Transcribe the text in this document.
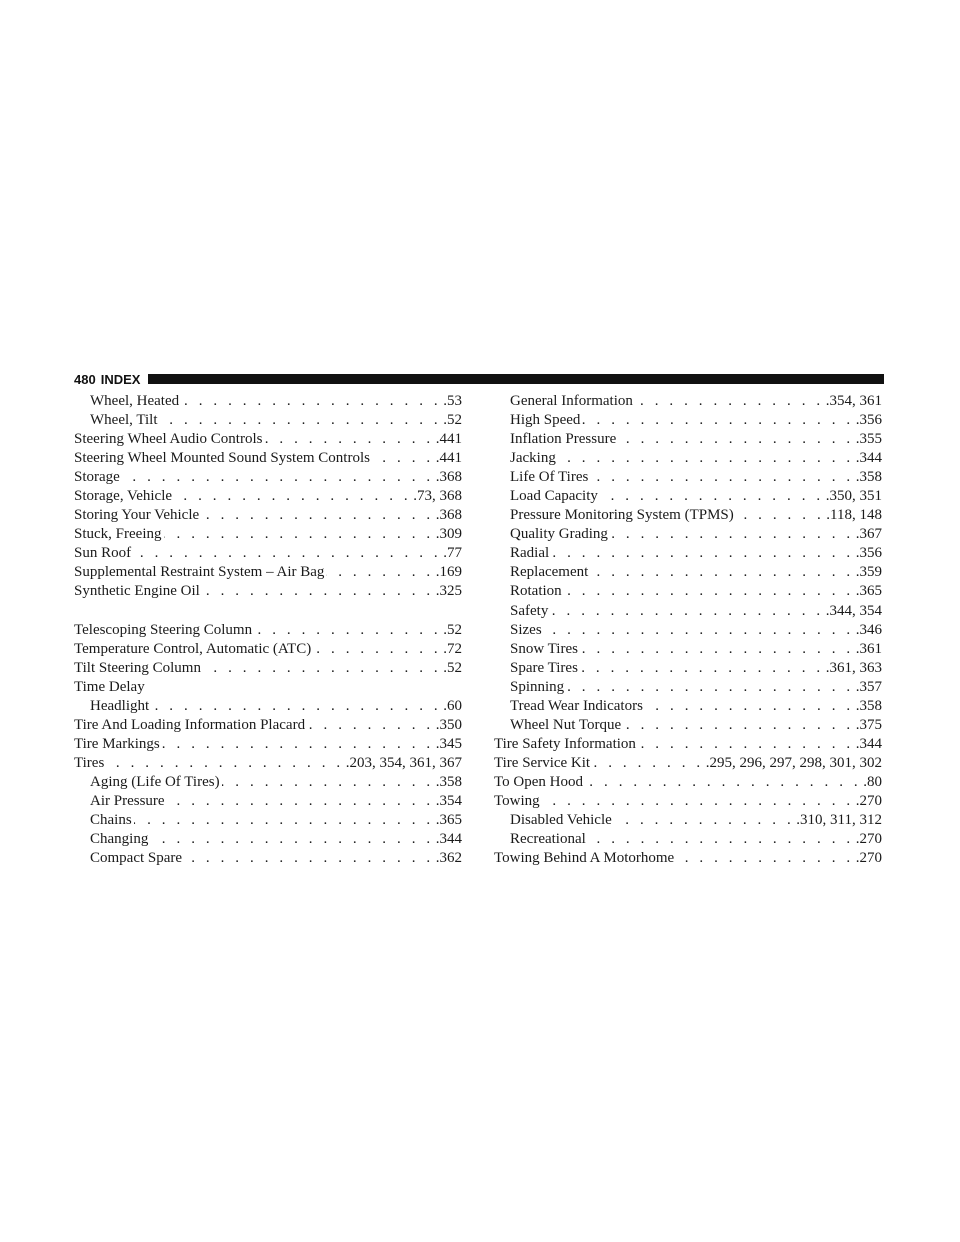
480 INDEX
Wheel, Heated . . .	.53
Wheel, Tilt . . .	.52
Steering Wheel Audio Controls . . .	.441
Steering Wheel Mounted Sound System Controls . . .	.441
Storage . . .	.368
Storage, Vehicle . . .	.73, 368
Storing Your Vehicle . . .	.368
Stuck, Freeing . . .	.309
Sun Roof . . .	.77
Supplemental Restraint System – Air Bag . . .	.169
Synthetic Engine Oil . . .	.325
Telescoping Steering Column . . .	.52
Temperature Control, Automatic (ATC) . . .	.72
Tilt Steering Column . . .	.52
Time Delay
Headlight . . .	.60
Tire And Loading Information Placard . . .	.350
Tire Markings . . .	.345
Tires . . .	.203, 354, 361, 367
Aging (Life Of Tires) . . .	.358
Air Pressure . . .	.354
Chains . . .	.365
Changing . . .	.344
Compact Spare . . .	.362
General Information . . .	.354, 361
High Speed . . .	.356
Inflation Pressure . . .	.355
Jacking . . .	.344
Life Of Tires . . .	.358
Load Capacity . . .	.350, 351
Pressure Monitoring System (TPMS) . . .	.118, 148
Quality Grading . . .	.367
Radial . . .	.356
Replacement . . .	.359
Rotation . . .	.365
Safety . . .	.344, 354
Sizes . . .	.346
Snow Tires . . .	.361
Spare Tires . . .	.361, 363
Spinning . . .	.357
Tread Wear Indicators . . .	.358
Wheel Nut Torque . . .	.375
Tire Safety Information . . .	.344
Tire Service Kit . . .	.295, 296, 297, 298, 301, 302
To Open Hood . . .	.80
Towing . . .	.270
Disabled Vehicle . . .	.310, 311, 312
Recreational . . .	.270
Towing Behind A Motorhome . . .	.270
